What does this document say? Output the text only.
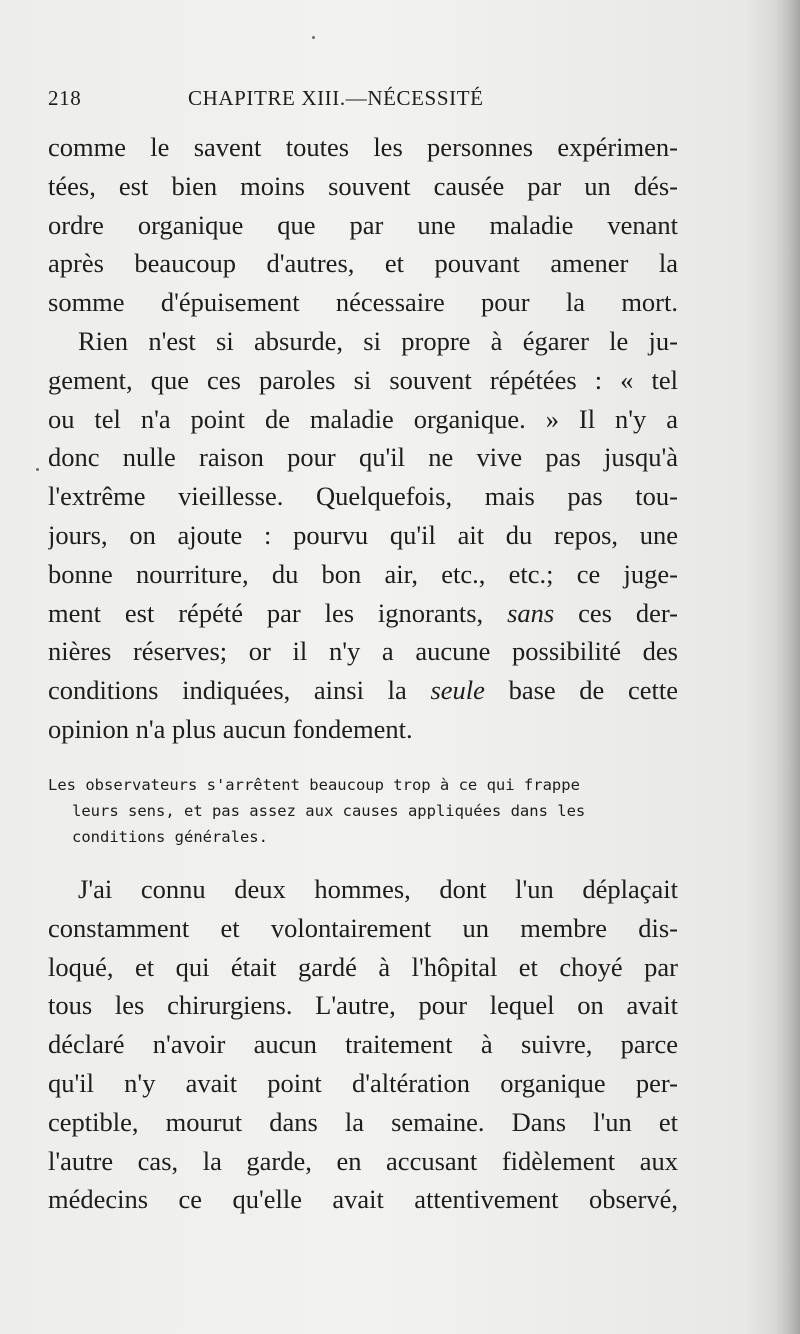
218	CHAPITRE XIII.—NÉCESSITÉ
comme le savent toutes les personnes expérimen-
tées, est bien moins souvent causée par un dés-
ordre organique que par une maladie venant
après beaucoup d'autres, et pouvant amener la
somme d'épuisement nécessaire pour la mort.
Rien n'est si absurde, si propre à égarer le ju-
gement, que ces paroles si souvent répétées : « tel
ou tel n'a point de maladie organique. » Il n'y a
donc nulle raison pour qu'il ne vive pas jusqu'à
l'extrême vieillesse. Quelquefois, mais pas tou-
jours, on ajoute : pourvu qu'il ait du repos, une
bonne nourriture, du bon air, etc., etc.; ce juge-
ment est répété par les ignorants, sans ces der-
nières réserves; or il n'y a aucune possibilité des
conditions indiquées, ainsi la seule base de cette
opinion n'a plus aucun fondement.
Les observateurs s'arrêtent beaucoup trop à ce qui frappe
leurs sens, et pas assez aux causes appliquées dans les
conditions générales.
J'ai connu deux hommes, dont l'un déplaçait
constamment et volontairement un membre dis-
loqué, et qui était gardé à l'hôpital et choyé par
tous les chirurgiens. L'autre, pour lequel on avait
déclaré n'avoir aucun traitement à suivre, parce
qu'il n'y avait point d'altération organique per-
ceptible, mourut dans la semaine. Dans l'un et
l'autre cas, la garde, en accusant fidèlement aux
médecins ce qu'elle avait attentivement observé,
